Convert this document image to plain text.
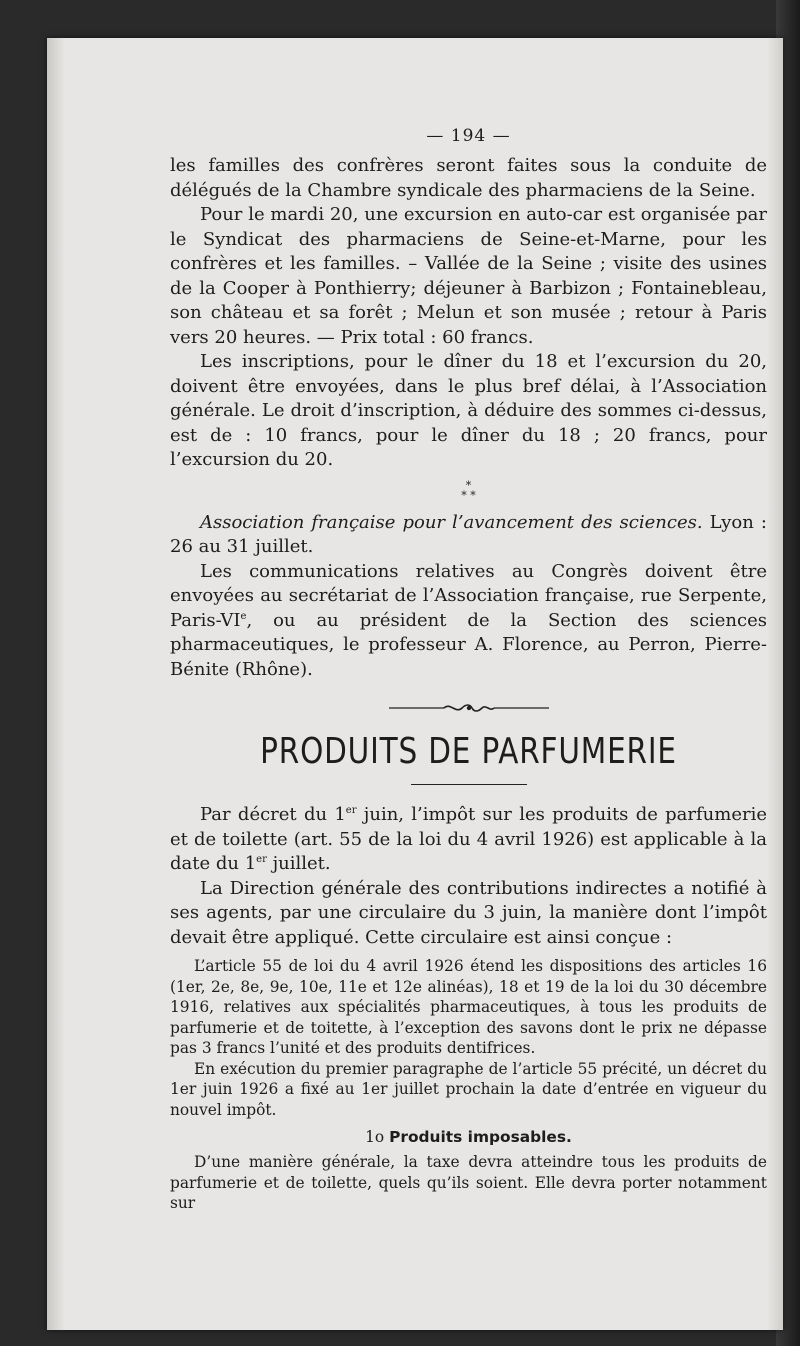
— 194 —

les familles des confrères seront faites sous la conduite de délégués de la Chambre syndicale des pharmaciens de la Seine.

Pour le mardi 20, une excursion en auto-car est organisée par le Syndicat des pharmaciens de Seine-et-Marne, pour les confrères et les familles. – Vallée de la Seine ; visite des usines de la Cooper à Ponthierry; déjeuner à Barbizon ; Fontainebleau, son château et sa forêt ; Melun et son musée ; retour à Paris vers 20 heures. — Prix total : 60 francs.

Les inscriptions, pour le dîner du 18 et l’excursion du 20, doivent être envoyées, dans le plus bref délai, à l’Association générale. Le droit d’inscription, à déduire des sommes ci-dessus, est de : 10 francs, pour le dîner du 18 ; 20 francs, pour l’excursion du 20.

*
* *

Association française pour l’avancement des sciences. Lyon : 26 au 31 juillet.

Les communications relatives au Congrès doivent être envoyées au secrétariat de l’Association française, rue Serpente, Paris-VIe, ou au président de la Section des sciences pharmaceutiques, le professeur A. Florence, au Perron, Pierre-Bénite (Rhône).

PRODUITS DE PARFUMERIE

Par décret du 1er juin, l’impôt sur les produits de parfumerie et de toilette (art. 55 de la loi du 4 avril 1926) est applicable à la date du 1er juillet.

La Direction générale des contributions indirectes a notifié à ses agents, par une circulaire du 3 juin, la manière dont l’impôt devait être appliqué. Cette circulaire est ainsi conçue :

L’article 55 de loi du 4 avril 1926 étend les dispositions des articles 16 (1er, 2e, 8e, 9e, 10e, 11e et 12e alinéas), 18 et 19 de la loi du 30 décembre 1916, relatives aux spécialités pharmaceutiques, à tous les produits de parfumerie et de toitette, à l’exception des savons dont le prix ne dépasse pas 3 francs l’unité et des produits dentifrices.

En exécution du premier paragraphe de l’article 55 précité, un décret du 1er juin 1926 a fixé au 1er juillet prochain la date d’entrée en vigueur du nouvel impôt.

1o Produits imposables.

D’une manière générale, la taxe devra atteindre tous les produits de parfumerie et de toilette, quels qu’ils soient. Elle devra porter notamment sur
